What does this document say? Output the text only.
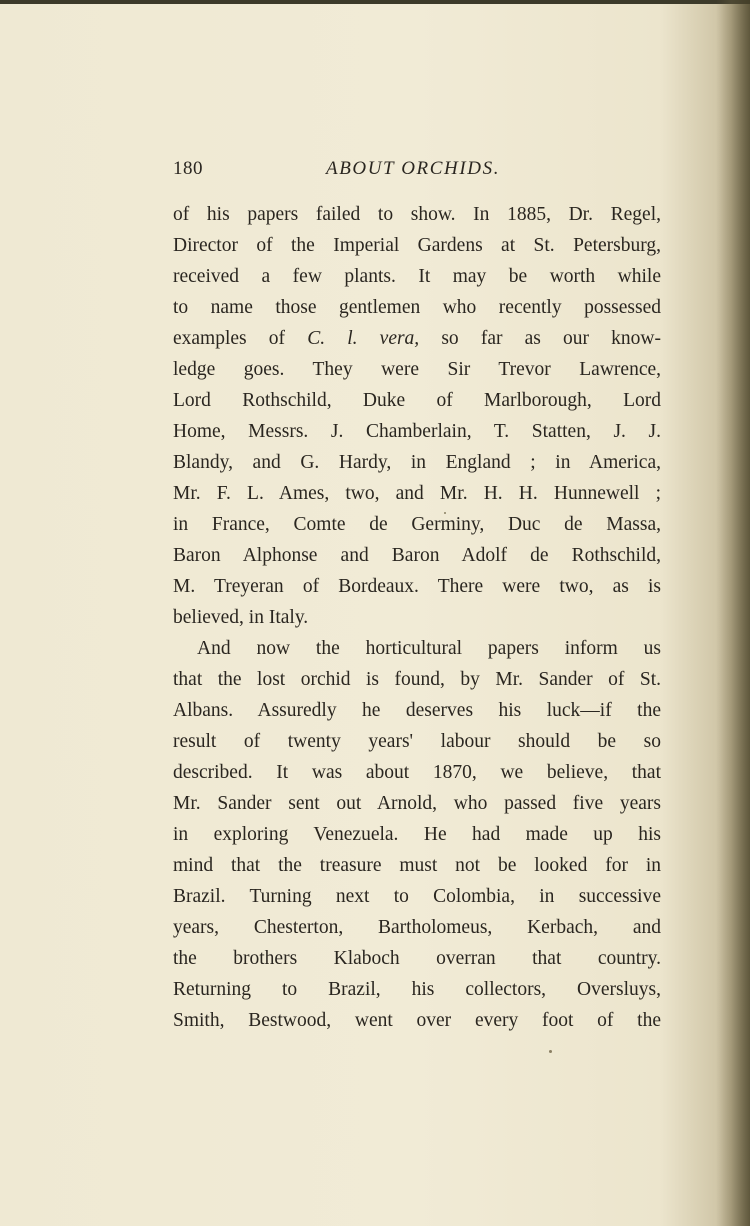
180	ABOUT ORCHIDS.
of his papers failed to show. In 1885, Dr. Regel,
Director of the Imperial Gardens at St. Petersburg,
received a few plants. It may be worth while
to name those gentlemen who recently possessed
examples of C. l. vera, so far as our know-
ledge goes. They were Sir Trevor Lawrence,
Lord Rothschild, Duke of Marlborough, Lord
Home, Messrs. J. Chamberlain, T. Statten, J. J.
Blandy, and G. Hardy, in England ; in America,
Mr. F. L. Ames, two, and Mr. H. H. Hunnewell ;
in France, Comte de Germiny, Duc de Massa,
Baron Alphonse and Baron Adolf de Rothschild,
M. Treyeran of Bordeaux. There were two, as is
believed, in Italy.
And now the horticultural papers inform us
that the lost orchid is found, by Mr. Sander of St.
Albans. Assuredly he deserves his luck—if the
result of twenty years' labour should be so
described. It was about 1870, we believe, that
Mr. Sander sent out Arnold, who passed five years
in exploring Venezuela. He had made up his
mind that the treasure must not be looked for in
Brazil. Turning next to Colombia, in successive
years, Chesterton, Bartholomeus, Kerbach, and
the brothers Klaboch overran that country.
Returning to Brazil, his collectors, Oversluys,
Smith, Bestwood, went over every foot of the
